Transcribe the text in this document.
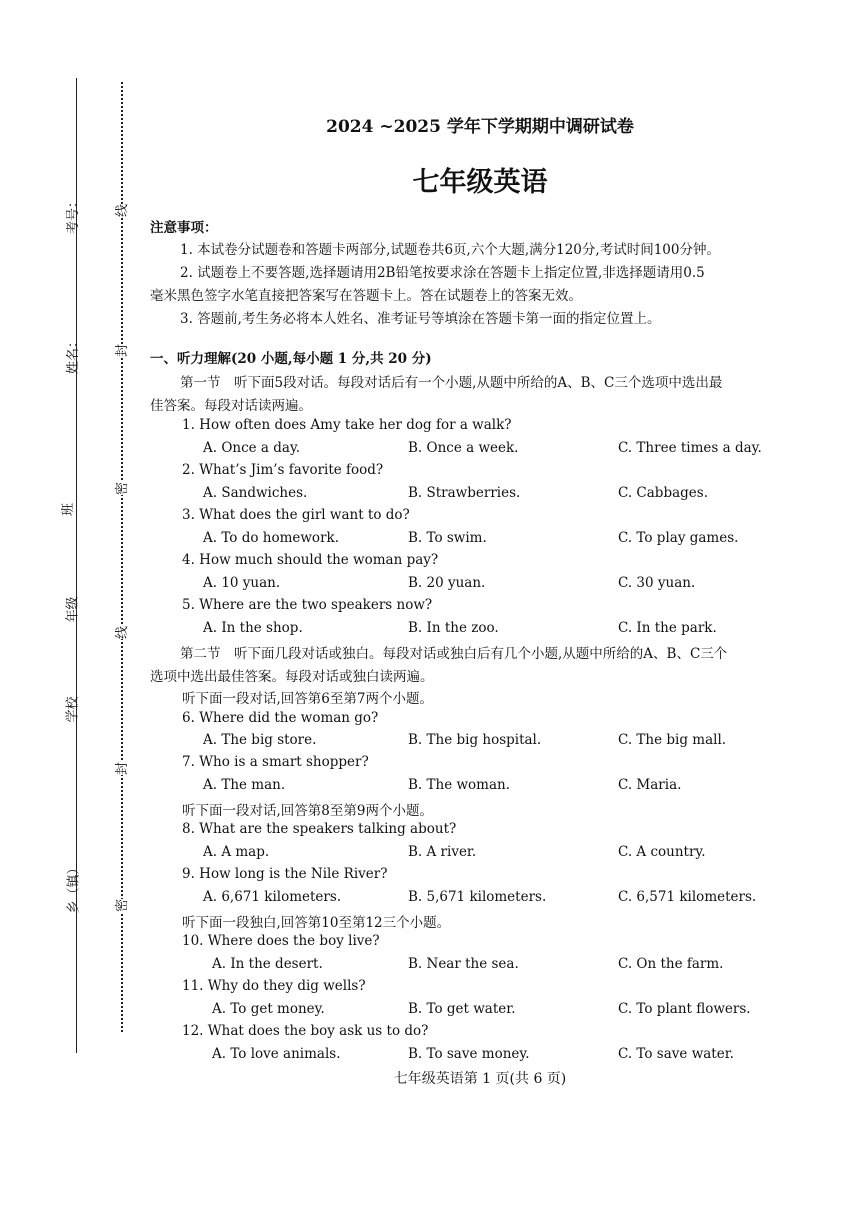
考号：
姓名：
班
年级
学校
乡（镇）
线
封
密
线
封
密
2024 ~2025 学年下学期期中调研试卷
七年级英语
注意事项：
1. 本试卷分试题卷和答题卡两部分,试题卷共6页,六个大题,满分120分,考试时间100分钟。
2. 试题卷上不要答题,选择题请用2B铅笔按要求涂在答题卡上指定位置,非选择题请用0.5
毫米黑色签字水笔直接把答案写在答题卡上。答在试题卷上的答案无效。
3. 答题前,考生务必将本人姓名、准考证号等填涂在答题卡第一面的指定位置上。
一、听力理解(20 小题,每小题 1 分,共 20 分)
第一节　听下面5段对话。每段对话后有一个小题,从题中所给的A、B、C三个选项中选出最
佳答案。每段对话读两遍。
1. How often does Amy take her dog for a walk?
A. Once a day.	B. Once a week.	C. Three times a day.
2. What’s Jim’s favorite food?
A. Sandwiches.	B. Strawberries.	C. Cabbages.
3. What does the girl want to do?
A. To do homework.	B. To swim.	C. To play games.
4. How much should the woman pay?
A. 10 yuan.	B. 20 yuan.	C. 30 yuan.
5. Where are the two speakers now?
A. In the shop.	B. In the zoo.	C. In the park.
第二节　听下面几段对话或独白。每段对话或独白后有几个小题,从题中所给的A、B、C三个
选项中选出最佳答案。每段对话或独白读两遍。
听下面一段对话,回答第6至第7两个小题。
6. Where did the woman go?
A. The big store.	B. The big hospital.	C. The big mall.
7. Who is a smart shopper?
A. The man.	B. The woman.	C. Maria.
听下面一段对话,回答第8至第9两个小题。
8. What are the speakers talking about?
A. A map.	B. A river.	C. A country.
9. How long is the Nile River?
A. 6,671 kilometers.	B. 5,671 kilometers.	C. 6,571 kilometers.
听下面一段独白,回答第10至第12三个小题。
10. Where does the boy live?
A. In the desert.	B. Near the sea.	C. On the farm.
11. Why do they dig wells?
A. To get money.	B. To get water.	C. To plant flowers.
12. What does the boy ask us to do?
A. To love animals.	B. To save money.	C. To save water.
七年级英语第 1 页(共 6 页)
